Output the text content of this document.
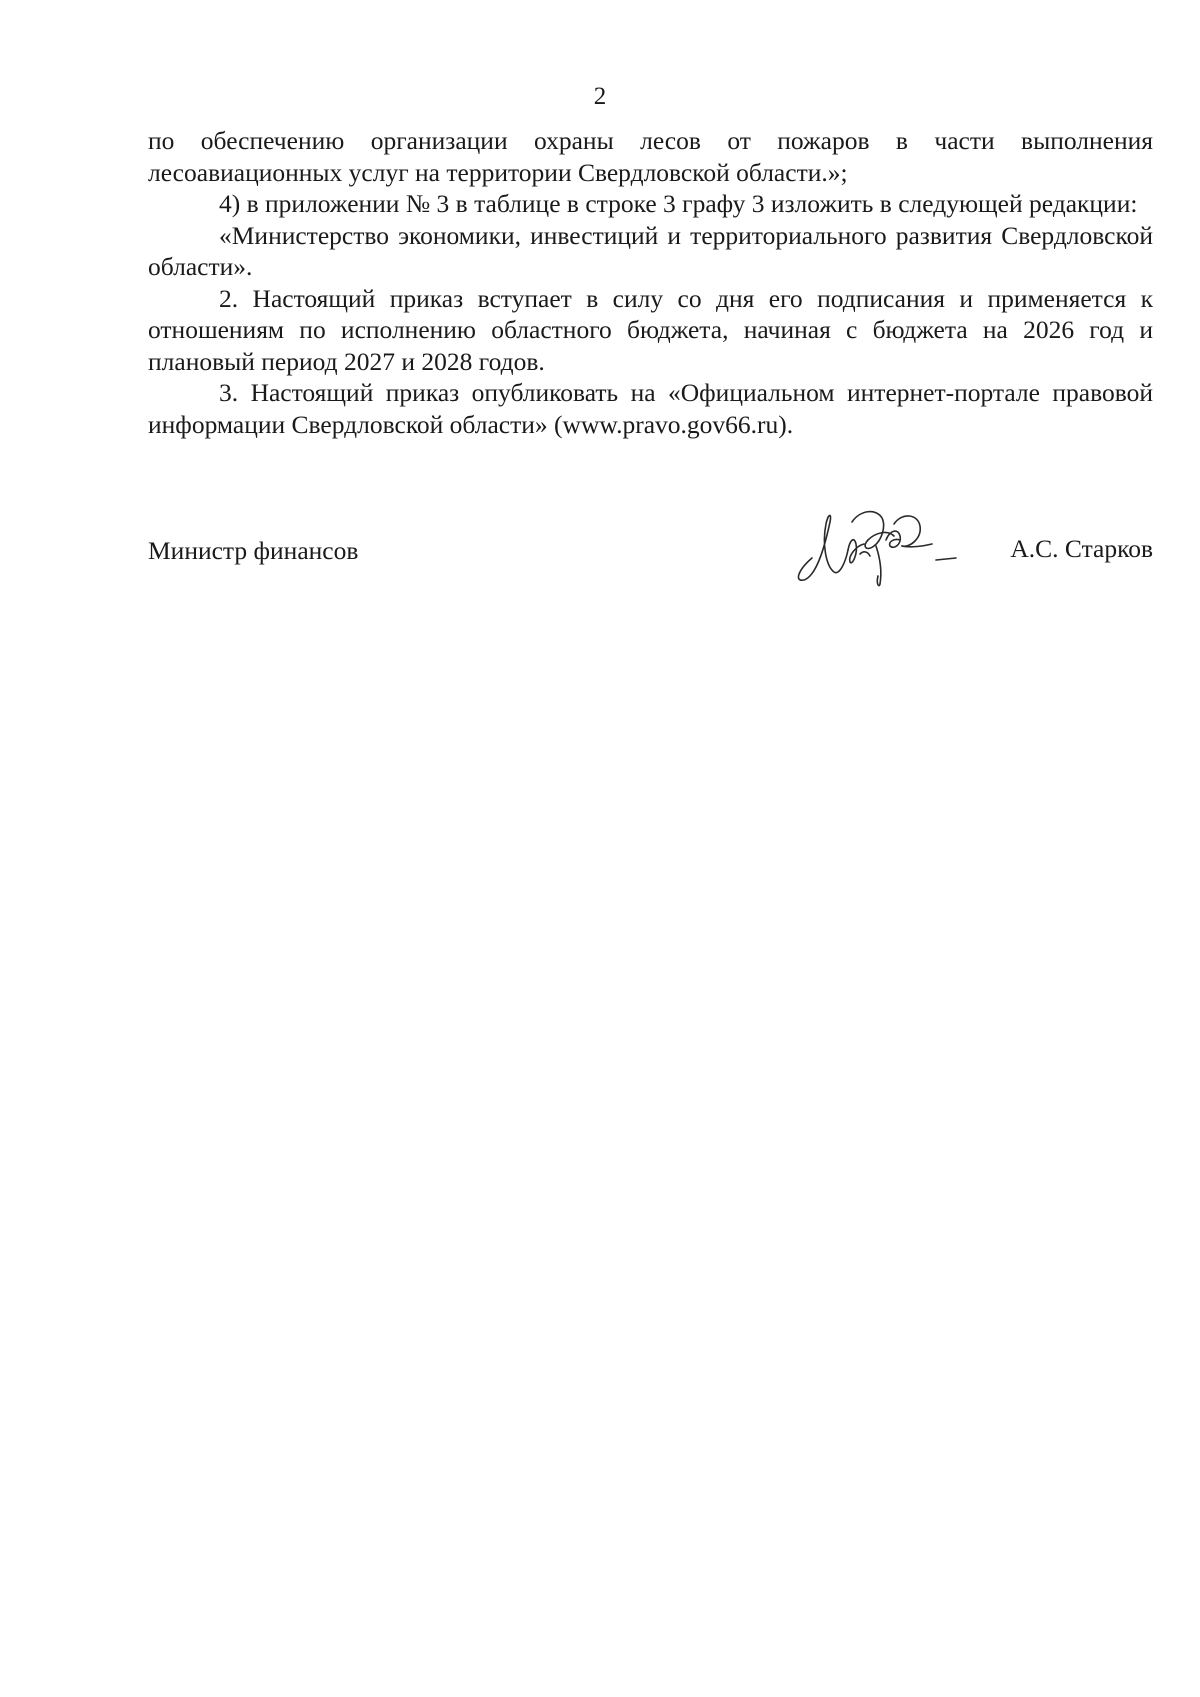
2

по обеспечению организации охраны лесов от пожаров в части выполнения лесоавиационных услуг на территории Свердловской области.»;

4) в приложении № 3 в таблице в строке 3 графу 3 изложить в следующей редакции:

«Министерство экономики, инвестиций и территориального развития Свердловской области».

2. Настоящий приказ вступает в силу со дня его подписания и применяется к отношениям по исполнению областного бюджета, начиная с бюджета на 2026 год и плановый период 2027 и 2028 годов.

3. Настоящий приказ опубликовать на «Официальном интернет-портале правовой информации Свердловской области» (www.pravo.gov66.ru).

Министр финансов	А.С. Старков
